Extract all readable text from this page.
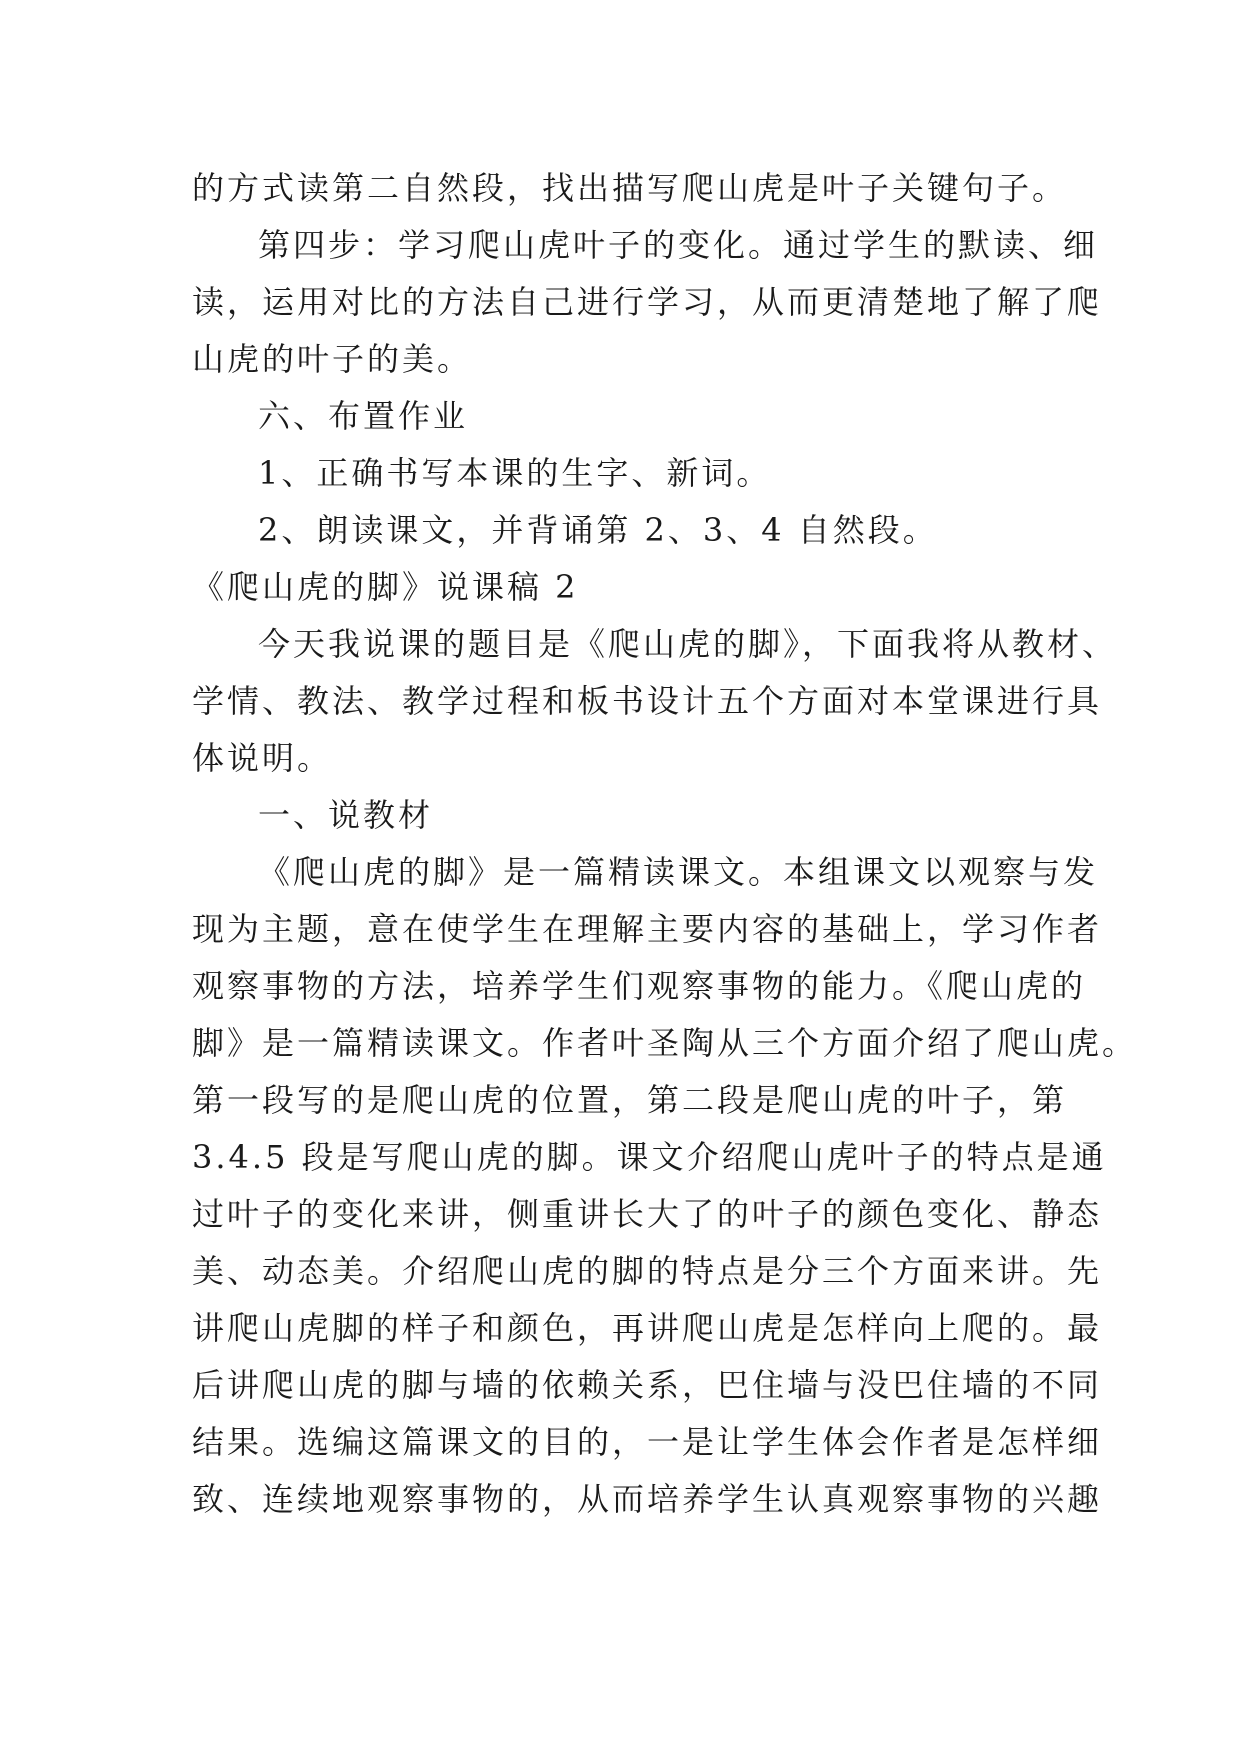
的方式读第二自然段，找出描写爬山虎是叶子关键句子。
第四步：学习爬山虎叶子的变化。通过学生的默读、细
读，运用对比的方法自己进行学习，从而更清楚地了解了爬
山虎的叶子的美。
六、布置作业
1、正确书写本课的生字、新词。
2、朗读课文，并背诵第 2、3、4 自然段。
《爬山虎的脚》说课稿 2
今天我说课的题目是《爬山虎的脚》，下面我将从教材、
学情、教法、教学过程和板书设计五个方面对本堂课进行具
体说明。
一、说教材
《爬山虎的脚》是一篇精读课文。本组课文以观察与发
现为主题，意在使学生在理解主要内容的基础上，学习作者
观察事物的方法，培养学生们观察事物的能力。《爬山虎的
脚》是一篇精读课文。作者叶圣陶从三个方面介绍了爬山虎。
第一段写的是爬山虎的位置，第二段是爬山虎的叶子，第
3.4.5 段是写爬山虎的脚。课文介绍爬山虎叶子的特点是通
过叶子的变化来讲，侧重讲长大了的叶子的颜色变化、静态
美、动态美。介绍爬山虎的脚的特点是分三个方面来讲。先
讲爬山虎脚的样子和颜色，再讲爬山虎是怎样向上爬的。最
后讲爬山虎的脚与墙的依赖关系，巴住墙与没巴住墙的不同
结果。选编这篇课文的目的，一是让学生体会作者是怎样细
致、连续地观察事物的，从而培养学生认真观察事物的兴趣
